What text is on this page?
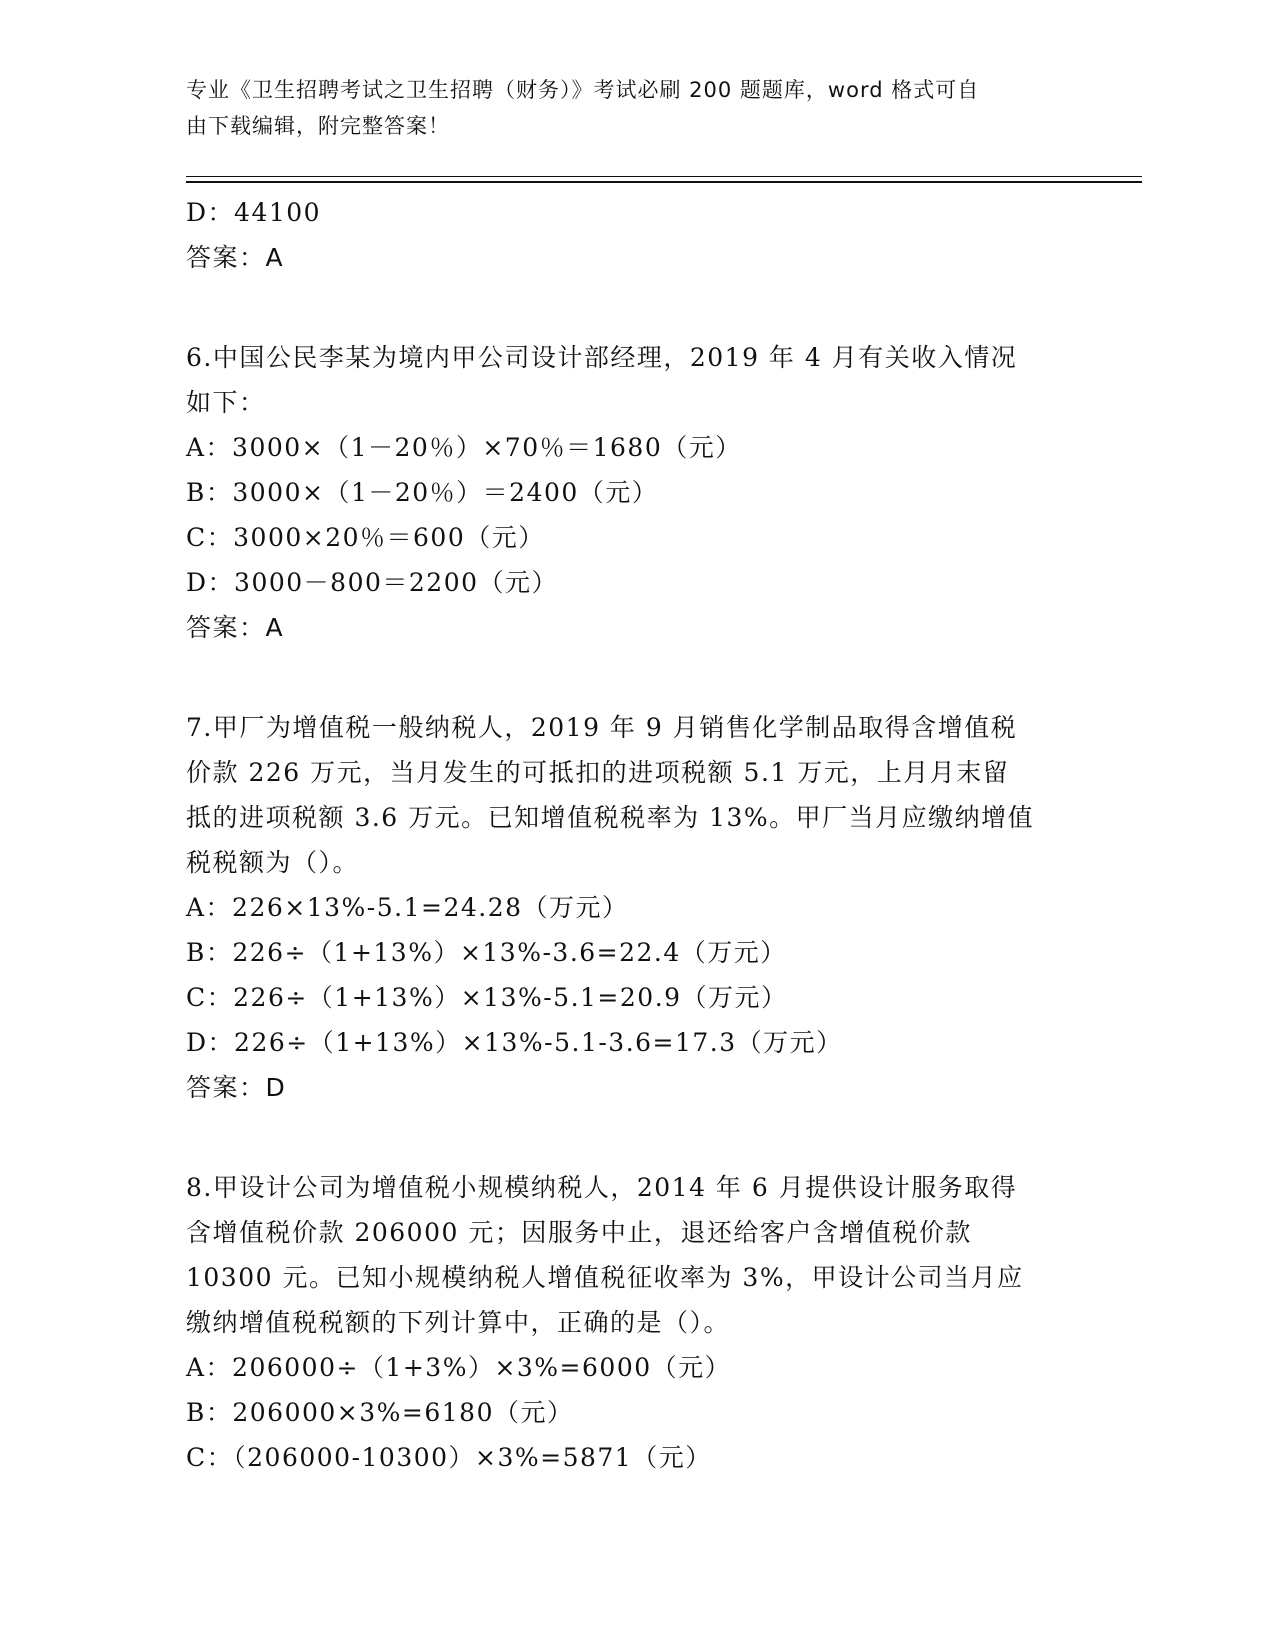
专业《卫生招聘考试之卫生招聘（财务）》考试必刷 200 题题库，word 格式可自
由下载编辑，附完整答案！
D：44100
答案：A
6.中国公民李某为境内甲公司设计部经理，2019 年 4 月有关收入情况
如下：
A：3000×（1－20％）×70％＝1680（元）
B：3000×（1－20％）＝2400（元）
C：3000×20％＝600（元）
D：3000－800＝2200（元）
答案：A
7.甲厂为增值税一般纳税人，2019 年 9 月销售化学制品取得含增值税
价款 226 万元，当月发生的可抵扣的进项税额 5.1 万元，上月月末留
抵的进项税额 3.6 万元。已知增值税税率为 13%。甲厂当月应缴纳增值
税税额为（）。
A：226×13%-5.1=24.28（万元）
B：226÷（1+13%）×13%-3.6=22.4（万元）
C：226÷（1+13%）×13%-5.1=20.9（万元）
D：226÷（1+13%）×13%-5.1-3.6=17.3（万元）
答案：D
8.甲设计公司为增值税小规模纳税人，2014 年 6 月提供设计服务取得
含增值税价款 206000 元；因服务中止，退还给客户含增值税价款
10300 元。已知小规模纳税人增值税征收率为 3%，甲设计公司当月应
缴纳增值税税额的下列计算中，正确的是（）。
A：206000÷（1+3%）×3%=6000（元）
B：206000×3%=6180（元）
C：（206000-10300）×3%=5871（元）
